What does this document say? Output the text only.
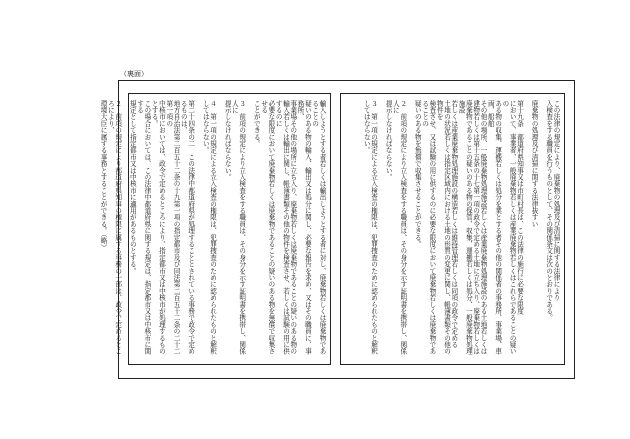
（裏面）
輸入しようとする者若しくは輸出しようとする者に対し、廃棄物若しくは廃棄物であることの
疑いのある物の輸入、輸出又は処分に関し、必要な報告を求め、又はその職員に、事務所、
事業場その他の場所に立ち入り、廃棄物若しくは廃棄物であることの疑いのある物の
輸入若しくは輸出に関し、帳簿書類その他の物件を検査させ、若しくは試験の用に供するのに
必要な限度において廃棄物若しくは廃棄物であることの疑いのある物を無償で収集させる
ことができる。

３　前項の規定により立入検査をする職員は、その身分を示す証明書を携帯し、関係人に
提示しなければならない。

４　第一項の規定による立入検査の権限は、犯罪捜査のために認められたものと解釈してはならない。

第二十四条の二　この法律中都道府県が処理することとされている事務で政令で定めるものは、
地方自治法第二百五十二条の十九第一項の指定都市及び同法第二百五十二条の二十二第一項の
中核市においては、政令で定めるところにより、指定都市又は中核市が処理するものとする。
この場合においては、この法律中都道府県に関する規定は、指定都市又は中核市に関する
規定として指定都市又は中核市に適用があるものとする。

２　前項の規定により都道府県知事の権限に属する事務の一部は、政令で定めるところにより、
環境大臣に属する事務とすることができる。（略）	この法律の規定により、廃棄物の処理及び清掃に関する法律により
入検査をする職員を行うものとして、その関係条文は次のとおりである。

廃棄物の処理及び清掃に関する法律抜すい

第十九条　都道府県知事又は市町村長は、この法律の施行に必要な限度
において、事業者、一般廃棄物若しくは産業廃棄物若しくはこれらであることの疑いの
ある物の収集、運搬若しくは処分を業とする者その他の関係者の事務所、事業場、車両、船舶
その他の場所、一般廃棄物処理施設若しくは産業廃棄物処理施設のある土地若しくは
建物若しくは第十五条の十七第一項の政令で定める土地に立ち入り、廃棄物若しくは
廃棄物であることの疑いのある物の保管、収集、運搬若しくは処分、一般廃棄物処理施設
若しくは産業廃棄物処理施設の構造若しくは維持管理若しくは同項の政令で定める
土地の状況若しくは指定区域内における土地の形質の変更に関し、帳簿書類その他の物件を
検査させ、又は試験の用に供するのに必要な限度において廃棄物若しくは廃棄物であることの
疑いのある物を無償で収集させることができる。

２　前項の規定により立入検査をする職員は、その身分を示す証明書を携帯し、関係人に
提示しなければならない。

３　第一項の規定による立入検査の権限は、犯罪捜査のために認められたものと解釈してはならない。
